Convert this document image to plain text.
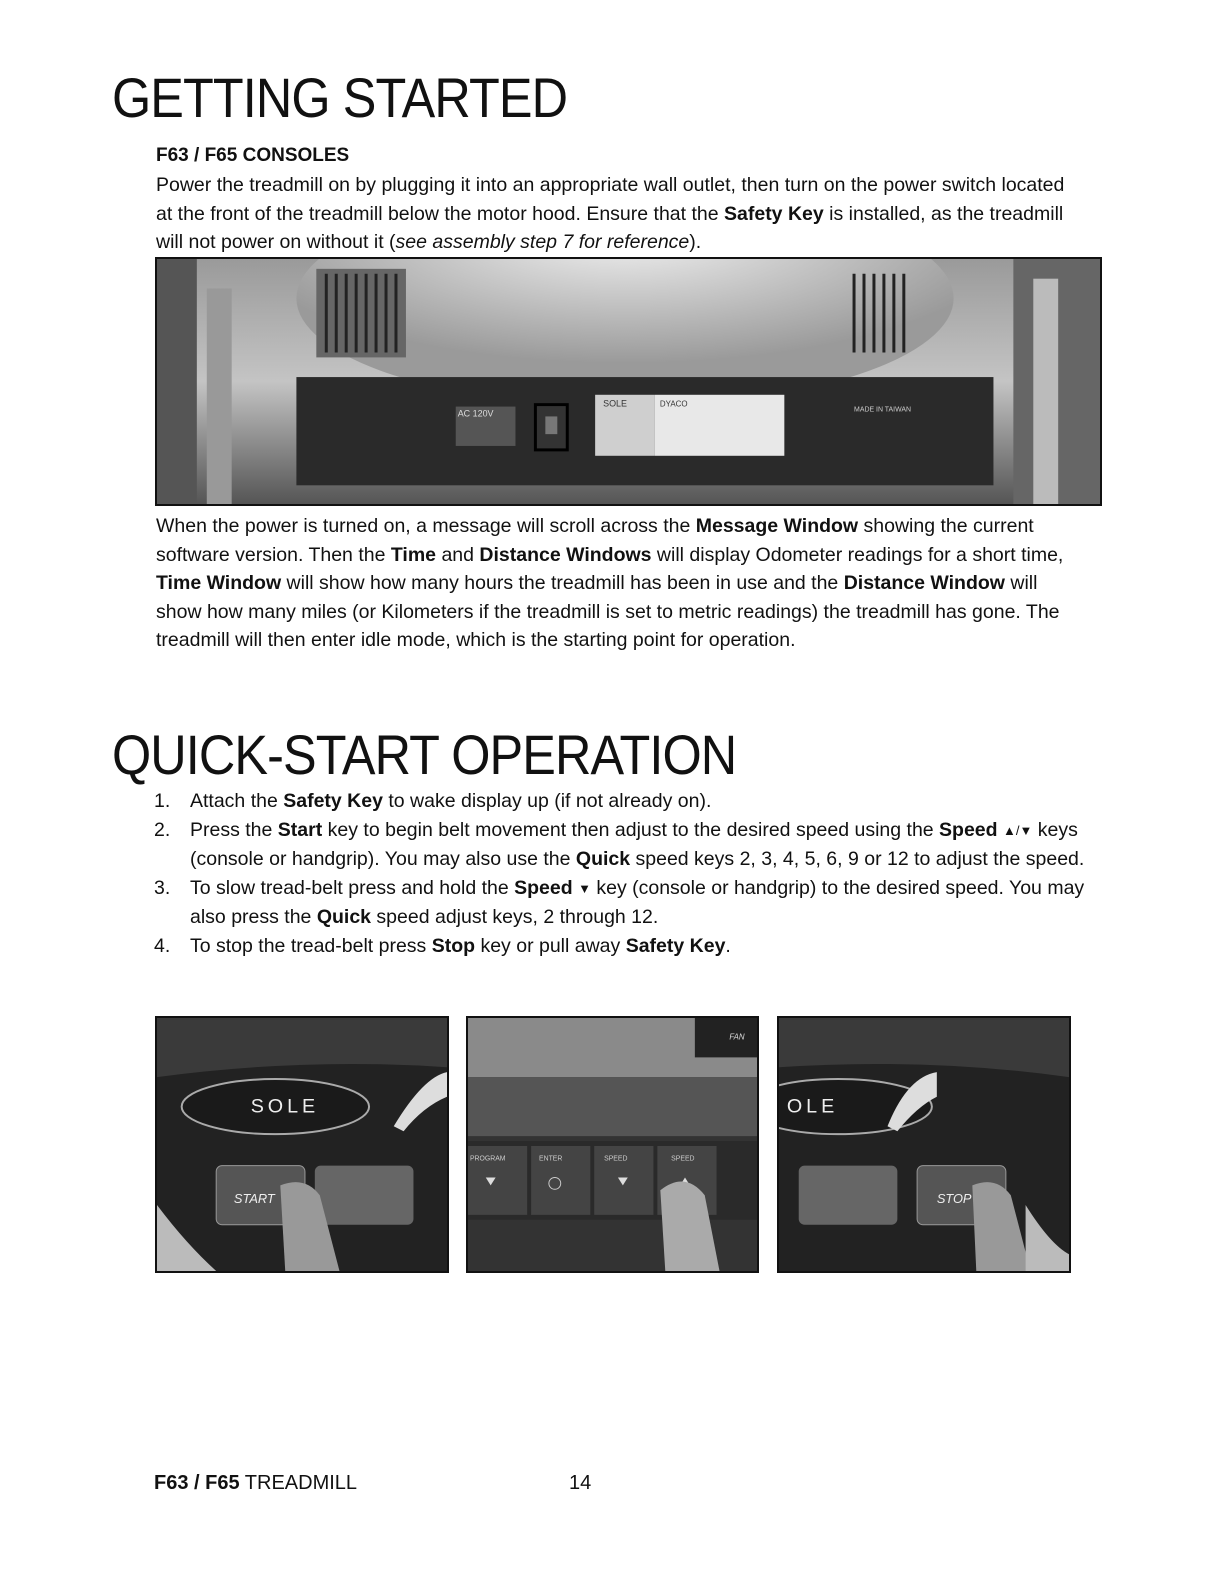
GETTING STARTED
F63 / F65 CONSOLES
Power the treadmill on by plugging it into an appropriate wall outlet, then turn on the power switch located at the front of the treadmill below the motor hood. Ensure that the Safety Key is installed, as the treadmill will not power on without it (see assembly step 7 for reference).
AC 120V
SOLE	DYACO
MADE IN TAIWAN
When the power is turned on, a message will scroll across the Message Window showing the current software version. Then the Time and Distance Windows will display Odometer readings for a short time, Time Window will show how many hours the treadmill has been in use and the Distance Window will show how many miles (or Kilometers if the treadmill is set to metric readings) the treadmill has gone. The treadmill will then enter idle mode, which is the starting point for operation.
QUICK-START OPERATION
1. Attach the Safety Key to wake display up (if not already on).
2. Press the Start key to begin belt movement then adjust to the desired speed using the Speed ▲/▼ keys (console or handgrip). You may also use the Quick speed keys 2, 3, 4, 5, 6, 9 or 12 to adjust the speed.
3. To slow tread-belt press and hold the Speed ▼ key (console or handgrip) to the desired speed. You may also press the Quick speed adjust keys, 2 through 12.
4. To stop the tread-belt press Stop key or pull away Safety Key.
SOLE
START
FAN
PROGRAM	ENTER	SPEED	SPEED
OLE
STOP
F63 / F65 TREADMILL	14
